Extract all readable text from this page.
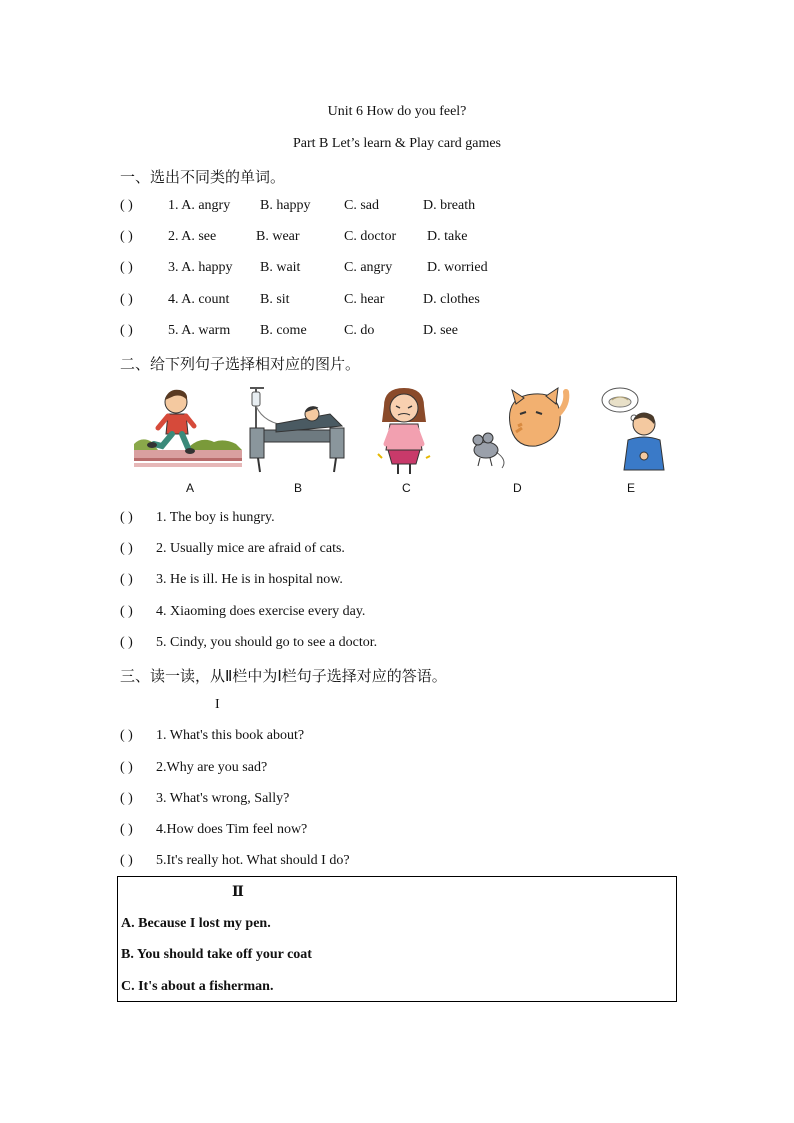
Unit 6 How do you feel?
Part B Let’s learn & Play card games
一、选出不同类的单词。
( )	1. A. angry B. happy C. sad	D. breath
( )	2. A. see	B. wear	C. doctor D. take
( )	3. A. happy B. wait	C. angry D. worried
( )	4. A. count B. sit	C. hear	D. clothes
( )	5. A. warm B. come	C. do	D. see
二、给下列句子选择相对应的图片。
A	B	C	D	E
( ) 1. The boy is hungry.
( ) 2. Usually mice are afraid of cats.
( ) 3. He is ill. He is in hospital now.
( ) 4. Xiaoming does exercise every day.
( ) 5. Cindy, you should go to see a doctor.
三、读一读，从Ⅱ栏中为Ⅰ栏句子选择对应的答语。
I
( ) 1. What's this book about?
( ) 2.Why are you sad?
( ) 3. What's wrong, Sally?
( ) 4.How does Tim feel now?
( ) 5.It's really hot. What should I do?
Ⅱ
A. Because I lost my pen.
B. You should take off your coat
C. It's about a fisherman.
